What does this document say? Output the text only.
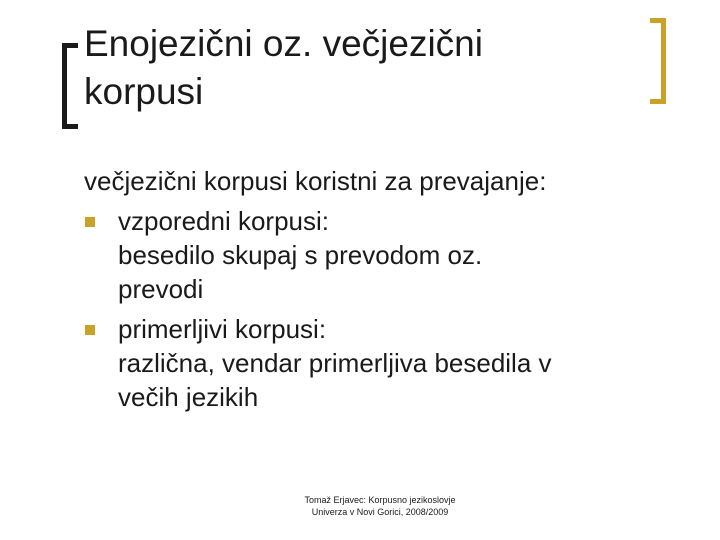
Enojezični oz. večjezični
korpusi
večjezični korpusi koristni za prevajanje:
vzporedni korpusi:
besedilo skupaj s prevodom oz.
prevodi
primerljivi korpusi:
različna, vendar primerljiva besedila v
večih jezikih
Tomaž Erjavec: Korpusno jezikoslovje
Univerza v Novi Gorici, 2008/2009
